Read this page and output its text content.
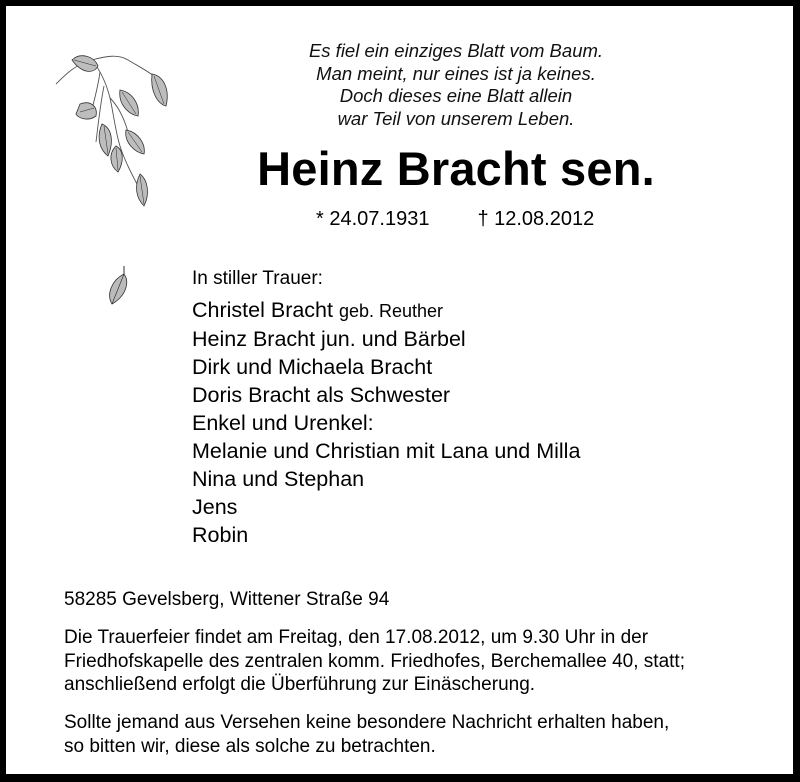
Es fiel ein einziges Blatt vom Baum.
Man meint, nur eines ist ja keines.
Doch dieses eine Blatt allein
war Teil von unserem Leben.
Heinz Bracht sen.
* 24.07.1931 † 12.08.2012
In stiller Trauer:
Christel Bracht geb. Reuther
Heinz Bracht jun. und Bärbel
Dirk und Michaela Bracht
Doris Bracht als Schwester
Enkel und Urenkel:
Melanie und Christian mit Lana und Milla
Nina und Stephan
Jens
Robin
58285 Gevelsberg, Wittener Straße 94
Die Trauerfeier findet am Freitag, den 17.08.2012, um 9.30 Uhr in der
Friedhofskapelle des zentralen komm. Friedhofes, Berchemallee 40, statt;
anschließend erfolgt die Überführung zur Einäscherung.
Sollte jemand aus Versehen keine besondere Nachricht erhalten haben,
so bitten wir, diese als solche zu betrachten.
